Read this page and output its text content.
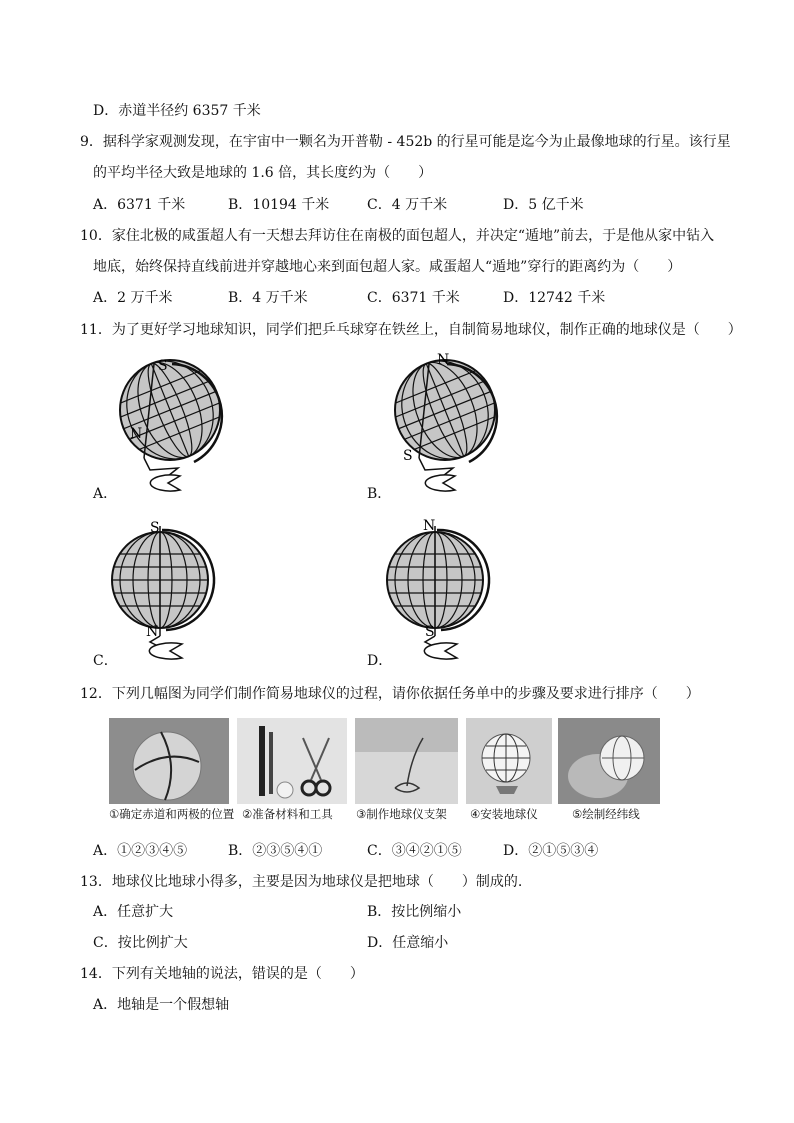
D．赤道半径约 6357 千米
9．据科学家观测发现，在宇宙中一颗名为开普勒 - 452b 的行星可能是迄今为止最像地球的行星。该行星
的平均半径大致是地球的 1.6 倍，其长度约为（　　）
A．6371 千米	B．10194 千米	C．4 万千米	D．5 亿千米
10．家住北极的咸蛋超人有一天想去拜访住在南极的面包超人，并决定“遁地”前去，于是他从家中钻入
地底，始终保持直线前进并穿越地心来到面包超人家。咸蛋超人“遁地”穿行的距离约为（　　）
A．2 万千米	B．4 万千米	C．6371 千米	D．12742 千米
11．为了更好学习地球知识，同学们把乒乓球穿在铁丝上，自制简易地球仪，制作正确的地球仪是（　　）
A．
S
N
B．
N
S
C．
S
N
D．
N
S
12．下列几幅图为同学们制作简易地球仪的过程，请你依据任务单中的步骤及要求进行排序（　　）
①确定赤道和两极的位置 ②准备材料和工具 ③制作地球仪支架 ④安装地球仪	⑤绘制经纬线
A．①②③④⑤	B．②③⑤④①	C．③④②①⑤	D．②①⑤③④
13．地球仪比地球小得多，主要是因为地球仪是把地球（　　）制成的.
A．任意扩大	B．按比例缩小
C．按比例扩大	D．任意缩小
14．下列有关地轴的说法，错误的是（　　）
A．地轴是一个假想轴
